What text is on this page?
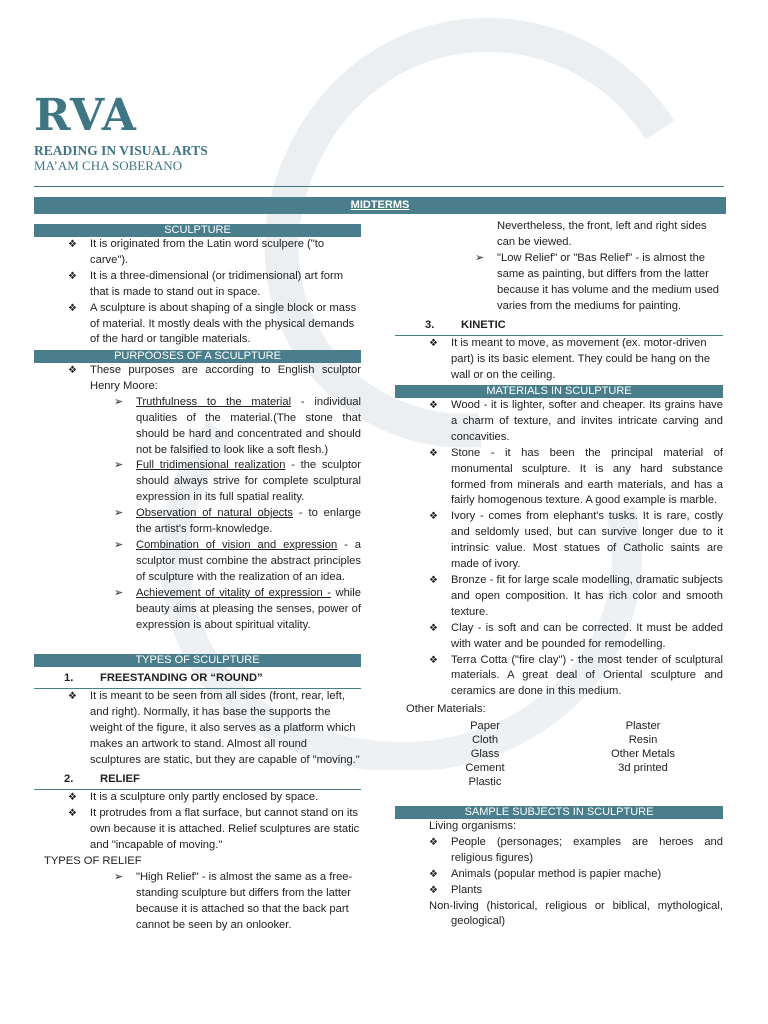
RVA
READING IN VISUAL ARTS
MA’AM CHA SOBERANO
MIDTERMS
SCULPTURE
❖ It is originated from the Latin word sculpere ("to carve").
❖ It is a three-dimensional (or tridimensional) art form that is made to stand out in space.
❖ A sculpture is about shaping of a single block or mass of material. It mostly deals with the physical demands of the hard or tangible materials.
PURPOOSES OF A SCULPTURE
❖ These purposes are according to English sculptor Henry Moore:
➢ Truthfulness to the material - individual qualities of the material.(The stone that should be hard and concentrated and should not be falsified to look like a soft flesh.)
➢ Full tridimensional realization - the sculptor should always strive for complete sculptural expression in its full spatial reality.
➢ Observation of natural objects - to enlarge the artist's form-knowledge.
➢ Combination of vision and expression - a sculptor must combine the abstract principles of sculpture with the realization of an idea.
➢ Achievement of vitality of expression - while beauty aims at pleasing the senses, power of expression is about spiritual vitality.
TYPES OF SCULPTURE
1. FREESTANDING OR “ROUND”
❖ It is meant to be seen from all sides (front, rear, left, and right). Normally, it has base the supports the weight of the figure, it also serves as a platform which makes an artwork to stand. Almost all round sculptures are static, but they are capable of "moving."
2. RELIEF
❖ It is a sculpture only partly enclosed by space.
❖ It protrudes from a flat surface, but cannot stand on its own because it is attached. Relief sculptures are static and "incapable of moving."
TYPES OF RELIEF
➢ "High Relief" - is almost the same as a free-standing sculpture but differs from the latter because it is attached so that the back part cannot be seen by an onlooker.
Nevertheless, the front, left and right sides can be viewed.
➢ "Low Relief" or "Bas Relief" - is almost the same as painting, but differs from the latter because it has volume and the medium used varies from the mediums for painting.
3. KINETIC
❖ It is meant to move, as movement (ex. motor-driven part) is its basic element. They could be hang on the wall or on the ceiling.
MATERIALS IN SCULPTURE
❖ Wood - it is lighter, softer and cheaper. Its grains have a charm of texture, and invites intricate carving and concavities.
❖ Stone - it has been the principal material of monumental sculpture. It is any hard substance formed from minerals and earth materials, and has a fairly homogenous texture. A good example is marble.
❖ Ivory - comes from elephant's tusks. It is rare, costly and seldomly used, but can survive longer due to it intrinsic value. Most statues of Catholic saints are made of ivory.
❖ Bronze - fit for large scale modelling, dramatic subjects and open composition. It has rich color and smooth texture.
❖ Clay - is soft and can be corrected. It must be added with water and be pounded for remodelling.
❖ Terra Cotta ("fire clay") - the most tender of sculptural materials. A great deal of Oriental sculpture and ceramics are done in this medium.
Other Materials:
Paper
Cloth
Glass
Cement
Plastic
Plaster
Resin
Other Metals
3d printed
SAMPLE SUBJECTS IN SCULPTURE
Living organisms:
❖ People (personages; examples are heroes and religious figures)
❖ Animals (popular method is papier mache)
❖ Plants
Non-living (historical, religious or biblical, mythological, geological)
